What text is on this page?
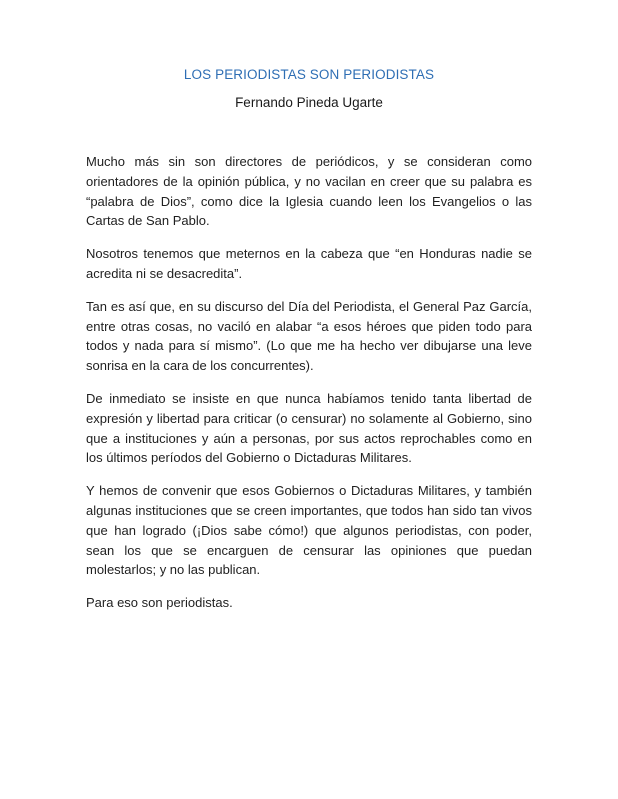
LOS PERIODISTAS SON PERIODISTAS
Fernando Pineda Ugarte

Mucho más sin son directores de periódicos, y se consideran como orientadores de la opinión pública, y no vacilan en creer que su palabra es “palabra de Dios”, como dice la Iglesia cuando leen los Evangelios o las Cartas de San Pablo.

Nosotros tenemos que meternos en la cabeza que “en Honduras nadie se acredita ni se desacredita”.

Tan es así que, en su discurso del Día del Periodista, el General Paz García, entre otras cosas, no vaciló en alabar “a esos héroes que piden todo para todos y nada para sí mismo”. (Lo que me ha hecho ver dibujarse una leve sonrisa en la cara de los concurrentes).

De inmediato se insiste en que nunca habíamos tenido tanta libertad de expresión y libertad para criticar (o censurar) no solamente al Gobierno, sino que a instituciones y aún a personas, por sus actos reprochables como en los últimos períodos del Gobierno o Dictaduras Militares.

Y hemos de convenir que esos Gobiernos o Dictaduras Militares, y también algunas instituciones que se creen importantes, que todos han sido tan vivos que han logrado (¡Dios sabe cómo!) que algunos periodistas, con poder, sean los que se encarguen de censurar las opiniones que puedan molestarlos; y no las publican.

Para eso son periodistas.
